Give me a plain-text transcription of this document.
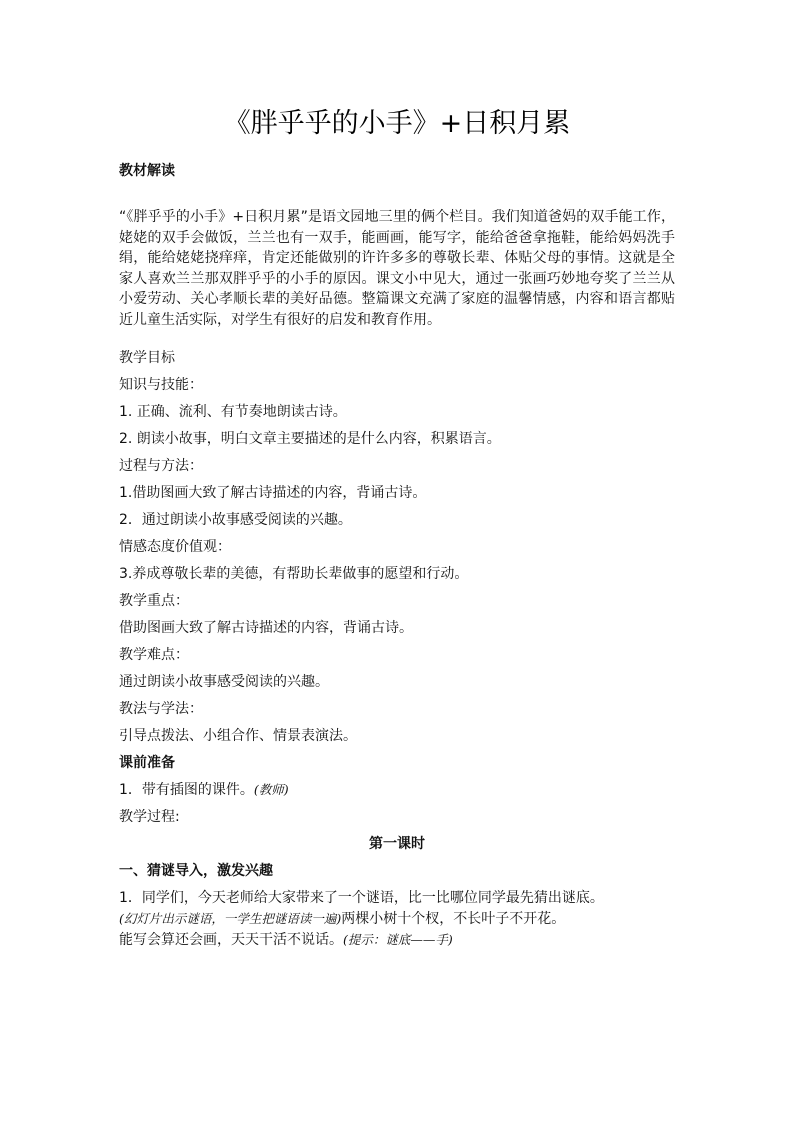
《胖乎乎的小手》+日积月累

教材解读

“《胖乎乎的小手》+日积月累”是语文园地三里的俩个栏目。我们知道爸妈的双手能工作，姥姥的双手会做饭，兰兰也有一双手，能画画，能写字，能给爸爸拿拖鞋，能给妈妈洗手绢，能给姥姥挠痒痒，肯定还能做别的许许多多的尊敬长辈、体贴父母的事情。这就是全家人喜欢兰兰那双胖乎乎的小手的原因。课文小中见大，通过一张画巧妙地夸奖了兰兰从小爱劳动、关心孝顺长辈的美好品德。整篇课文充满了家庭的温馨情感，内容和语言都贴近儿童生活实际，对学生有很好的启发和教育作用。

教学目标

知识与技能：

1. 正确、流利、有节奏地朗读古诗。

2. 朗读小故事，明白文章主要描述的是什么内容，积累语言。

过程与方法：

1.借助图画大致了解古诗描述的内容，背诵古诗。

2．通过朗读小故事感受阅读的兴趣。

情感态度价值观：

3.养成尊敬长辈的美德，有帮助长辈做事的愿望和行动。

教学重点：

借助图画大致了解古诗描述的内容，背诵古诗。

教学难点：

通过朗读小故事感受阅读的兴趣。

教法与学法：

引导点拨法、小组合作、情景表演法。

课前准备

1．带有插图的课件。(教师)

教学过程:

第一课时

一、猜谜导入，激发兴趣

1．同学们，今天老师给大家带来了一个谜语，比一比哪位同学最先猜出谜底。

(幻灯片出示谜语，一学生把谜语读一遍)两棵小树十个杈，不长叶子不开花。

能写会算还会画，天天干活不说话。(提示：谜底——手)
